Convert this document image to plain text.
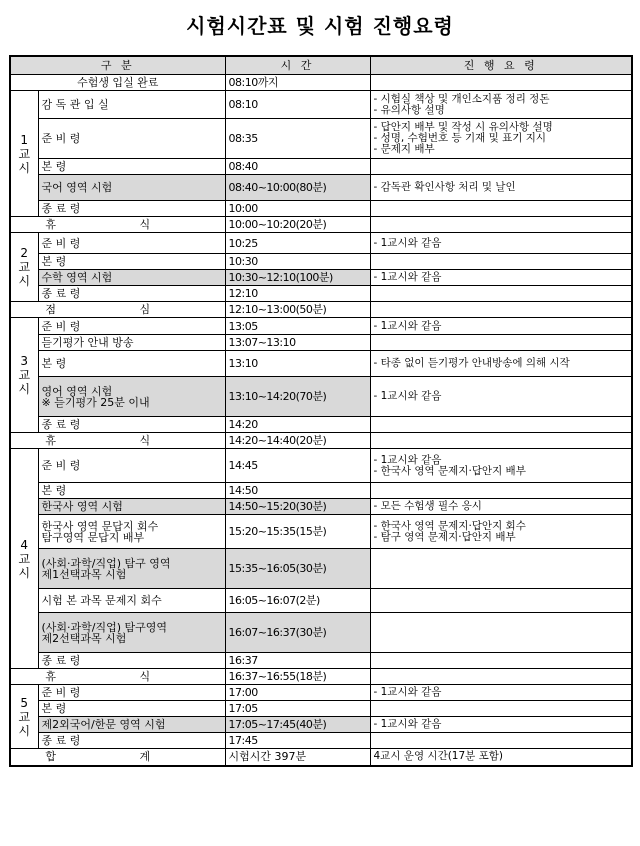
시험시간표 및 시험 진행요령
구 분		시 간	진 행 요 령
수험생 입실 완료		08:10까지	

1
교
시	감 독 관 입 실	08:10	- 시험실 책상 및 개인소지품 정리 정돈
- 유의사항 설명
	준 비 령	08:35	- 답안지 배부 및 작성 시 유의사항 설명
- 성명, 수험번호 등 기재 및 표기 지시
- 문제지 배부
	본 령	08:40	
	국어 영역 시험	08:40~10:00(80분)	- 감독관 확인사항 처리 및 날인
	종 료 령	10:00	
휴 식		10:00~10:20(20분)	

2
교
시	준 비 령	10:25	- 1교시와 같음
	본 령	10:30	
	수학 영역 시험	10:30~12:10(100분)	- 1교시와 같음
	종 료 령	12:10	
점 심		12:10~13:00(50분)	

3
교
시	준 비 령	13:05	- 1교시와 같음
	듣기평가 안내 방송	13:07~13:10	
	본 령	13:10	- 타종 없이 듣기평가 안내방송에 의해 시작
	영어 영역 시험
※ 듣기평가 25분 이내	13:10~14:20(70분)	- 1교시와 같음
	종 료 령	14:20	
휴 식		14:20~14:40(20분)	

4
교
시	준 비 령	14:45	- 1교시와 같음
- 한국사 영역 문제지·답안지 배부
	본 령	14:50	
	한국사 영역 시험	14:50~15:20(30분)	- 모든 수험생 필수 응시
	한국사 영역 문답지 회수
탐구영역 문답지 배부	15:20~15:35(15분)	- 한국사 영역 문제지·답안지 회수
- 탐구 영역 문제지·답안지 배부
	(사회·과학/직업) 탐구 영역
제1선택과목 시험	15:35~16:05(30분)	
	시험 본 과목 문제지 회수	16:05~16:07(2분)	
	(사회·과학/직업) 탐구영역
제2선택과목 시험	16:07~16:37(30분)	
	종 료 령	16:37	
휴 식		16:37~16:55(18분)	

5
교
시	준 비 령	17:00	- 1교시와 같음
	본 령	17:05	
	제2외국어/한문 영역 시험	17:05~17:45(40분)	- 1교시와 같음
	종 료 령	17:45	
합 계		시험시간 397분	4교시 운영 시간(17분 포함)
